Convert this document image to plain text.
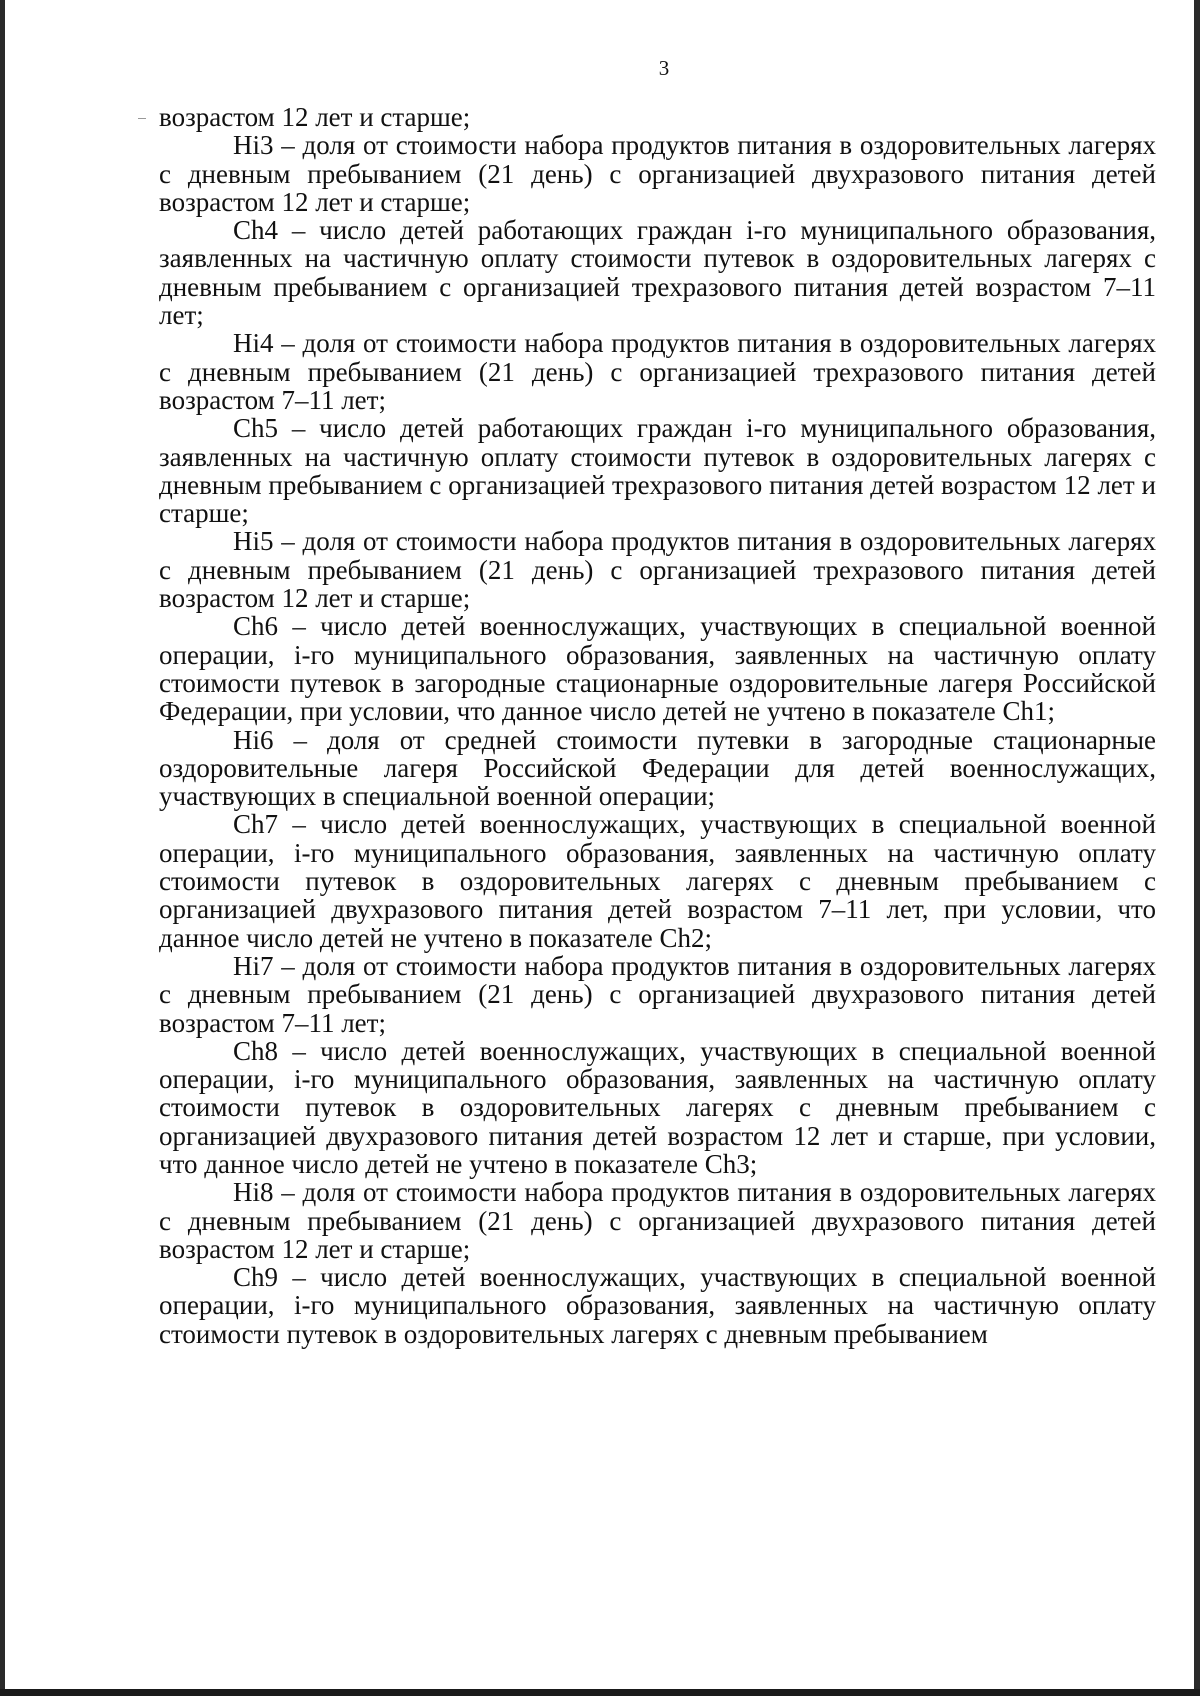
3

возрастом 12 лет и старше;

Hi3 – доля от стоимости набора продуктов питания в оздоровительных лагерях с дневным пребыванием (21 день) с организацией двухразового питания детей возрастом 12 лет и старше;

Ch4 – число детей работающих граждан i-го муниципального образования, заявленных на частичную оплату стоимости путевок в оздоровительных лагерях с дневным пребыванием с организацией трехразового питания детей возрастом 7–11 лет;

Hi4 – доля от стоимости набора продуктов питания в оздоровительных лагерях с дневным пребыванием (21 день) с организацией трехразового питания детей возрастом 7–11 лет;

Ch5 – число детей работающих граждан i-го муниципального образования, заявленных на частичную оплату стоимости путевок в оздоровительных лагерях с дневным пребыванием с организацией трехразового питания детей возрастом 12 лет и старше;

Hi5 – доля от стоимости набора продуктов питания в оздоровительных лагерях с дневным пребыванием (21 день) с организацией трехразового питания детей возрастом 12 лет и старше;

Ch6 – число детей военнослужащих, участвующих в специальной военной операции, i-го муниципального образования, заявленных на частичную оплату стоимости путевок в загородные стационарные оздоровительные лагеря Российской Федерации, при условии, что данное число детей не учтено в показателе Ch1;

Hi6 – доля от средней стоимости путевки в загородные стационарные оздоровительные лагеря Российской Федерации для детей военнослужащих, участвующих в специальной военной операции;

Ch7 – число детей военнослужащих, участвующих в специальной военной операции, i-го муниципального образования, заявленных на частичную оплату стоимости путевок в оздоровительных лагерях с дневным пребыванием с организацией двухразового питания детей возрастом 7–11 лет, при условии, что данное число детей не учтено в показателе Ch2;

Hi7 – доля от стоимости набора продуктов питания в оздоровительных лагерях с дневным пребыванием (21 день) с организацией двухразового питания детей возрастом 7–11 лет;

Ch8 – число детей военнослужащих, участвующих в специальной военной операции, i-го муниципального образования, заявленных на частичную оплату стоимости путевок в оздоровительных лагерях с дневным пребыванием с организацией двухразового питания детей возрастом 12 лет и старше, при условии, что данное число детей не учтено в показателе Ch3;

Hi8 – доля от стоимости набора продуктов питания в оздоровительных лагерях с дневным пребыванием (21 день) с организацией двухразового питания детей возрастом 12 лет и старше;

Ch9 – число детей военнослужащих, участвующих в специальной военной операции, i-го муниципального образования, заявленных на частичную оплату стоимости путевок в оздоровительных лагерях с дневным пребыванием
